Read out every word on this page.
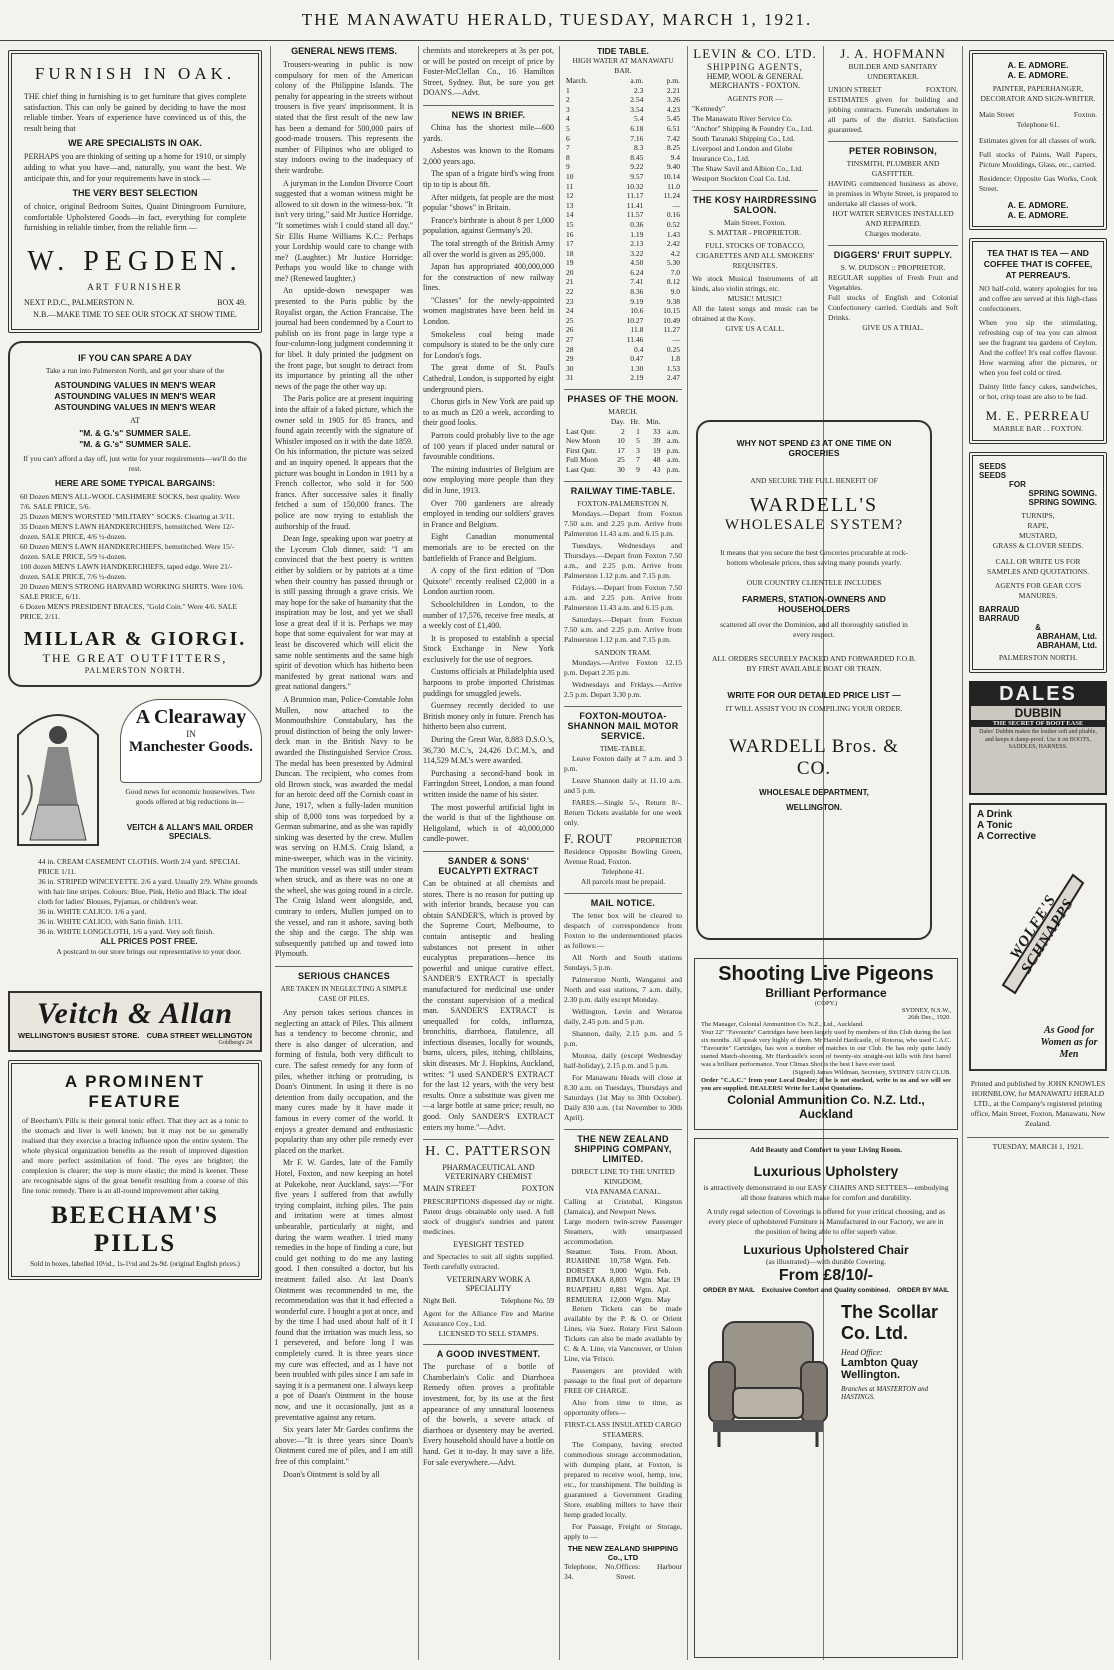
THE MANAWATU HERALD, TUESDAY, MARCH 1, 1921.
FURNISH IN OAK.
THE chief thing in furnishing is to get furniture that gives complete satisfaction. This can only be gained by deciding to have the most reliable timber. Years of experience have convinced us of this, the result being that
WE ARE SPECIALISTS IN OAK.
PERHAPS you are thinking of setting up a home for 1910, or simply adding to what you have—and, naturally, you want the best. We anticipate this, and for your requirements have in stock —
THE VERY BEST SELECTION
of choice, original Bedroom Suites, Quaint Diningroom Furniture, comfortable Upholstered Goods—in fact, everything for complete furnishing in reliable timber, from the reliable firm —
W. PEGDEN.
ART FURNISHER
NEXT P.D.C., PALMERSTON N.	BOX 49.
N.B.—MAKE TIME TO SEE OUR STOCK AT SHOW TIME.
IF YOU CAN SPARE A DAY
Take a run into Palmerston North, and get your share of the
ASTOUNDING VALUES IN MEN'S WEAR
ASTOUNDING VALUES IN MEN'S WEAR
ASTOUNDING VALUES IN MEN'S WEAR
AT
"M. & G.'s" SUMMER SALE.
"M. & G.'s" SUMMER SALE.
If you can't afford a day off, just write for your requirements—we'll do the rest.
HERE ARE SOME TYPICAL BARGAINS:
60 Dozen MEN'S ALL-WOOL CASHMERE SOCKS, best quality. Were 7/6. SALE PRICE, 5/6.
25 Dozen MEN'S WORSTED "MILITARY" SOCKS. Clearing at 3/11.
35 Dozen MEN'S LAWN HANDKERCHIEFS, hemstitched. Were 12/- dozen. SALE PRICE, 4/6 ½-dozen.
60 Dozen MEN'S LAWN HANDKERCHIEFS, hemstitched. Were 15/- dozen. SALE PRICE, 5/9 ½-dozen.
100 dozen MEN'S LAWN HANDKERCHIEFS, taped edge. Were 21/- dozen. SALE PRICE, 7/6 ½-dozen.
20 Dozen MEN'S STRONG HARVARD WORKING SHIRTS. Were 10/6. SALE PRICE, 6/11.
6 Dozen MEN'S PRESIDENT BRACES, "Gold Coin." Were 4/6. SALE PRICE, 2/11.
MILLAR & GIORGI.
THE GREAT OUTFITTERS,
PALMERSTON NORTH.
A Clearaway
IN
Manchester Goods.
Good news for economic housewives. Two goods offered at big reductions in—
VEITCH & ALLAN'S MAIL ORDER SPECIALS.
44 in. CREAM CASEMENT CLOTHS. Worth 2/4 yard. SPECIAL PRICE 1/11.
36 in. STRIPED WINCEYETTE. 2/6 a yard. Usually 2/9. White grounds with hair line stripes. Colours: Blue, Pink, Helio and Black. The ideal cloth for ladies' Blouses, Pyjamas, or children's wear.
36 in. WHITE CALICO. 1/6 a yard.
36 in. WHITE CALICO, with Satin finish. 1/11.
36 in. WHITE LONGCLOTH, 1/6 a yard. Very soft finish.
ALL PRICES POST FREE.
A postcard to our store brings our representative to your door.
Veitch & Allan
WELLINGTON'S BUSIEST STORE. CUBA STREET WELLINGTON
Goldberg's 24
A PROMINENT FEATURE
of Beecham's Pills is their general tonic effect. That they act as a tonic to the stomach and liver is well known; but it may not be so generally realised that they exercise a bracing influence upon the entire system. The whole physical organization benefits as the result of improved digestion and more perfect assimilation of food. The eyes are brighter; the complexion is clearer; the step is more elastic; the mind is keener. These are recognisable signs of the great benefit resulting from a course of this fine tonic remedy. There is an all-round improvement after taking
BEECHAM'S PILLS
Sold in boxes, labelled 10½d., 1s-1½d and 2s-9d. (original English prices.)
GENERAL NEWS ITEMS.

Trousers-wearing in public is now compulsory for men of the American colony of the Philippine Islands. The penalty for appearing in the streets without trousers is five years' imprisonment. It is stated that the first result of the new law has been a demand for 500,000 pairs of good-made trousers. This represents the number of Filipinos who are obliged to stay indoors owing to the inadequacy of their wardrobe.

A juryman in the London Divorce Court suggested that a woman witness might be allowed to sit down in the witness-box. "It isn't very tiring," said Mr Justice Horridge. "It sometimes wish I could stand all day." Sir Ellis Hume Williams K.C.: Perhaps your Lordship would care to change with me? (Laughter.) Mr Justice Horridge: Perhaps you would like to change with me? (Renewed laughter.)

An upside-down newspaper was presented to the Paris public by the Royalist organ, the Action Francaise. The journal had been condemned by a Court to publish on its front page in large type a four-column-long judgment condemning it for libel. It duly printed the judgment on the front page, but sought to detract from its importance by printing all the other news of the page the other way up.

The Paris police are at present inquiring into the affair of a faked picture, which the owner sold in 1905 for 85 francs, and found again recently with the signature of Whistler imposed on it with the date 1859. On his information, the picture was seized and an inquiry opened. It appears that the picture was bought in London in 1911 by a French collector, who sold it for 500 francs. After successive sales it finally fetched a sum of 150,000 francs. The police are now trying to establish the authorship of the fraud.

Dean Inge, speaking upon war poetry at the Lyceum Club dinner, said: "I am convinced that the best poetry is written either by soldiers or by patriots at a time when their country has passed through or is still passing through a grave crisis. We may hope for the sake of humanity that the inspiration may be lost, and yet we shall lose a great deal if it is. Perhaps we may hope that some equivalent for war may at least be discovered which will elicit the same noble sentiments and the same high spirit of devotion which has hitherto been manifested by great national wars and great national dangers."

A Brunnion man, Police-Constable John Mullen, now attached to the Monmouthshire Constabulary, has the proud distinction of being the only lower-deck man in the British Navy to be awarded the Distinguished Service Cross. The medal has been presented by Admiral Duncan. The recipient, who comes from old Brown stock, was awarded the medal for an heroic deed off the Cornish coast in June, 1917, when a fully-laden munition ship of 8,000 tons was torpedoed by a German submarine, and as she was rapidly sinking was deserted by the crew. Mullen was serving on H.M.S. Craig Island, a mine-sweeper, which was in the vicinity. The munition vessel was still under steam when struck, and as there was no one at the wheel, she was going round in a circle. The Craig Island went alongside, and, contrary to orders, Mullen jumped on to the vessel, and ran it ashore, saving both the ship and the cargo. The ship was subsequently patched up and towed into Plymouth.

SERIOUS CHANCES
ARE TAKEN IN NEGLECTING A SIMPLE CASE OF PILES.

Any person takes serious chances in neglecting an attack of Piles. This ailment has a tendency to become chronic, and there is also danger of ulceration, and forming of fistula, both very difficult to cure. The safest remedy for any form of piles, whether itching or protruding, is Doan's Ointment. In using it there is no detention from daily occupation, and the many cures made by it have made it famous in every corner of the world. It enjoys a greater demand and enthusiastic popularity than any other pile remedy ever placed on the market.

Mr F. W. Gardes, late of the Family Hotel, Foxton, and now keeping an hotel at Pukekohe, near Auckland, says:—"For five years I suffered from that awfully trying complaint, itching piles. The pain and irritation were at times almost unbearable, particularly at night, and during the warm weather. I tried many remedies in the hope of finding a cure, but could get nothing to do me any lasting good. I then consulted a doctor, but his treatment failed also. At last Doan's Ointment was recommended to me, the recommendation was that it had effected a wonderful cure. I bought a pot at once, and by the time I had used about half of it I found that the irritation was much less, so I persevered, and before long I was completely cured. It is three years since my cure was effected, and as I have not been troubled with piles since I am safe in saying it is a permanent one. I always keep a pot of Doan's Ointment in the house now, and use it occasionally, just as a preventative against any return.

Six years later Mr Gardes confirms the above:—"It is three years since Doan's Ointment cured me of piles, and I am still free of this complaint."

Doan's Ointment is sold by all

chemists and storekeepers at 3s per pot, or will be posted on receipt of price by Foster-McClellan Co., 16 Hamilton Street, Sydney. But, be sure you get DOAN'S.—Advt.
NEWS IN BRIEF.

China has the shortest mile—600 yards.

Asbestos was known to the Romans 2,000 years ago.

The span of a frigate bird's wing from tip to tip is about 8ft.

After midgets, fat people are the most popular "shows" in Britain.

France's birthrate is about 8 per 1,000 population, against Germany's 20.

The total strength of the British Army all over the world is given as 295,000.

Japan has appropriated 400,000,000 for the construction of new railway lines.

"Classes" for the newly-appointed women magistrates have been held in London.

Smokeless coal being made compulsory is stated to be the only cure for London's fogs.

The great dome of St. Paul's Cathedral, London, is supported by eight underground piers.

Chorus girls in New York are paid up to as much as £20 a week, according to their good looks.

Parrots could probably live to the age of 100 years if placed under natural or favourable conditions.

The mining industries of Belgium are now employing more people than they did in June, 1913.

Over 700 gardeners are already employed in tending our soldiers' graves in France and Belgium.

Eight Canadian monumental memorials are to be erected on the battlefields of France and Belgium.

A copy of the first edition of "Don Quixote" recently realised £2,000 in a London auction room.

Schoolchildren in London, to the number of 17,576, receive free meals, at a weekly cost of £1,400.

It is proposed to establish a special Stock Exchange in New York exclusively for the use of negroes.

Customs officials at Philadelphia used harpoons to probe imported Christmas puddings for smuggled jewels.

Guernsey recently decided to use British money only in future. French has hitherto been also current.

During the Great War, 8,883 D.S.O.'s, 36,730 M.C.'s, 24,426 D.C.M.'s, and 114,529 M.M.'s were awarded.

Purchasing a second-hand book in Farringdon Street, London, a man found written inside the name of his sister.

The most powerful artificial light in the world is that of the lighthouse on Heligoland, which is of 40,000,000 candle-power.

SANDER & SONS' EUCALYPTI EXTRACT
Can be obtained at all chemists and stores. There is no reason for putting up with inferior brands, because you can obtain SANDER'S, which is proved by the Supreme Court, Melbourne, to contain antiseptic and healing substances not present in other eucalyptus preparations—hence its powerful and unique curative effect. SANDER'S EXTRACT is specially manufactured for medicinal use under the constant supervision of a medical man. SANDER'S EXTRACT is unequalled for colds, influenza, bronchitis, diarrhoea, flatulence, all infectious diseases, locally for wounds, burns, ulcers, piles, itching, chilblains, skin diseases. Mr J. Hopkins, Auckland, writes: "I used SANDER'S EXTRACT for the last 12 years, with the very best results. Once a substitute was given me—a large bottle at same price; result, no good. Only SANDER'S EXTRACT enters my home."—Advt.
H. C. PATTERSON
PHARMACEUTICAL AND VETERINARY CHEMIST
MAIN STREET	FOXTON
PRESCRIPTIONS dispensed day or night. Patent drugs obtainable only used. A full stock of druggist's sundries and patent medicines.
EYESIGHT TESTED
and Spectacles to suit all sights supplied. Teeth carefully extracted.
VETERINARY WORK A SPECIALITY
Night Bell.	Telephone No. 59
Agent for the Alliance Fire and Marine Assurance Coy., Ltd.
LICENSED TO SELL STAMPS.
A GOOD INVESTMENT.
The purchase of a bottle of Chamberlain's Colic and Diarrhoea Remedy often proves a profitable investment, for, by its use at the first appearance of any unnatural looseness of the bowels, a severe attack of diarrhoea or dysentery may be averted. Every household should have a bottle on hand. Get it to-day. It may save a life. For sale everywhere.—Advt.
TIDE TABLE.
HIGH WATER AT MANAWATU BAR.
March.	a.m.	p.m.
1	2.3	2.21
2	2.54	3.26
3	3.54	4.23
4	5.4	5.45
5	6.18	6.51
6	7.16	7.42
7	8.3	8.25
8	8.45	9.4
9	9.22	9.40
10	9.57	10.14
11	10.32	11.0
12	11.17	11.24
13	11.41	—
14	11.57	0.16
15	0.36	0.52
16	1.19	1.43
17	2.13	2.42
18	3.22	4.2
19	4.50	5.30
20	6.24	7.0
21	7.41	8.12
22	8.36	9.0
23	9.19	9.38
24	10.6	10.15
25	10.27	10.49
26	11.8	11.27
27	11.46	—
28	0.4	0.25
29	0.47	1.8
30	1.30	1.53
31	2.19	2.47
PHASES OF THE MOON.
MARCH.
	Day.	Hr.	Min.	
Last Qutr.	2	1	33	a.m.
New Moon	10	5	39	a.m.
First Qutr.	17	3	19	p.m.
Full Moon	25	7	48	a.m.
Last Qutr.	30	9	43	p.m.
RAILWAY TIME-TABLE.
FOXTON-PALMERSTON N.

Mondays.—Depart from Foxton 7.50 a.m. and 2.25 p.m. Arrive from Palmerston 11.43 a.m. and 6.15 p.m.

Tuesdays, Wednesdays and Thursdays.—Depart from Foxton 7.50 a.m., and 2.25 p.m. Arrive from Palmerston 1.12 p.m. and 7.15 p.m.

Fridays.—Depart from Foxton 7.50 a.m. and 2.25 p.m. Arrive from Palmerston 11.43 a.m. and 6.15 p.m.

Saturdays.—Depart from Foxton 7.50 a.m. and 2.25 p.m. Arrive from Palmerston 1.12 p.m. and 7.15 p.m.

SANDON TRAM.

Mondays.—Arrive Foxton 12.15 p.m. Depart 2.35 p.m.

Wednesdays and Fridays.—Arrive 2.5 p.m. Depart 3.30 p.m.

FOXTON-MOUTOA-SHANNON MAIL MOTOR SERVICE.
TIME-TABLE.

Leave Foxton daily at 7 a.m. and 3 p.m.

Leave Shannon daily at 11.10 a.m. and 5 p.m.

FARES.—Single 5/-, Return 8/-. Return Tickets available for one week only.

F. ROUT	PROPRIETOR
Residence Opposite Bowling Green, Avenue Road, Foxton.
Telephone 41.
All parcels must be prepaid.
MAIL NOTICE.

The letter box will be cleared to despatch of correspondence from Foxton to the undermentioned places as follows:—

All North and South stations Sundays, 5 p.m.

Palmerston North, Wanganui and North and east stations, 7 a.m. daily, 2.30 p.m. daily except Monday.

Wellington, Levin and Weraroa daily, 2.45 p.m. and 5 p.m.

Shannon, daily, 2.15 p.m. and 5 p.m.

Moutoa, daily (except Wednesday half-holiday), 2.15 p.m. and 5 p.m.

For Manawatu Heads will close at 8.30 a.m. on Tuesdays, Thursdays and Saturdays (1st May to 30th October). Daily 830 a.m. (1st November to 30th April).

THE NEW ZEALAND SHIPPING COMPANY, LIMITED.
DIRECT LINE TO THE UNITED KINGDOM,
VIA PANAMA CANAL.
Calling at Cristobal, Kingston (Jamaica), and Newport News.
Large modern twin-screw Passenger Steamers, with unsurpassed accommodation.
Steamer.	Tons.	From.	About.
RUAHINE	10,758	Wgtn.	Feb.
DORSET	9,000	Wgtn.	Feb.
RIMUTAKA	8,803	Wgtn.	Mar. 19
RUAPEHU	8,881	Wgtn.	Apl.
REMUERA	12,000	Wgtn.	May

Return Tickets can be made available by the P. & O. or Orient Lines, via Suez. Rotary First Saloon Tickets can also be made available by C. & A. Line, via Vancouver, or Union Line, via 'Frisco.

Passengers are provided with passage to the final port of departure FREE OF CHARGE.

Also from time to time, as opportunity offers—

FIRST-CLASS INSULATED CARGO STEAMERS.

The Company, having erected commodious storage accommodation, with dumping plant, at Foxton, is prepared to receive wool, hemp, tow, etc., for transhipment. The building is guaranteed a Government Grading Store, enabling millers to have their hemp graded locally.

For Passage, Freight or Storage, apply to —

THE NEW ZEALAND SHIPPING Co., LTD
Telephone, No. 34.
Offices: Harbour Street.
LEVIN & CO. LTD.
SHIPPING AGENTS,
HEMP, WOOL & GENERAL MERCHANTS - FOXTON.
AGENTS FOR —
"Kennedy"
The Manawatu River Service Co.
"Anchor" Shipping & Foundry Co., Ltd.
South Taranaki Shipping Co., Ltd.
Liverpool and London and Globe Insurance Co., Ltd.
The Shaw Savil and Albion Co., Ltd.
Westport Stockton Coal Co. Ltd.
THE KOSY HAIRDRESSING SALOON.
Main Street, Foxton.
S. MATTAR - PROPRIETOR.
FULL STOCKS OF TOBACCO, CIGARETTES AND ALL SMOKERS' REQUISITES.
We stock Musical Instruments of all kinds, also violin strings, etc.
MUSIC! MUSIC!
All the latest songs and music can be obtained at the Kosy.
GIVE US A CALL.
J. A. HOFMANN
BUILDER AND SANITARY UNDERTAKER.
UNION STREET	FOXTON.
ESTIMATES given for building and jobbing contracts. Funerals undertaken in all parts of the district. Satisfaction guaranteed.
PETER ROBINSON,
TINSMITH, PLUMBER AND GASFITTER.
HAVING commenced business as above, in premises in Whyte Street, is prepared to undertake all classes of work.
HOT WATER SERVICES INSTALLED AND REPAIRED.
Charges moderate.
DIGGERS' FRUIT SUPPLY.
S. W. DUDSON :: PROPRIETOR.
REGULAR supplies of Fresh Fruit and Vegetables.
Full stocks of English and Colonial Confectionery carried. Cordials and Soft Drinks.
GIVE US A TRIAL.
WHY NOT SPEND £3 AT ONE TIME ON GROCERIES
AND SECURE THE FULL BENEFIT OF
WARDELL'S
WHOLESALE SYSTEM?
It means that you secure the best Groceries procurable at rock-bottom wholesale prices, thus saving many pounds yearly.
OUR COUNTRY CLIENTELE INCLUDES
FARMERS, STATION-OWNERS AND HOUSEHOLDERS
scattered all over the Dominion, and all thoroughly satisfied in every respect.
ALL ORDERS SECURELY PACKED AND FORWARDED F.O.B. BY FIRST AVAILABLE BOAT OR TRAIN.
WRITE FOR OUR DETAILED PRICE LIST —
IT WILL ASSIST YOU IN COMPILING YOUR ORDER.
WARDELL Bros. & CO.
WHOLESALE DEPARTMENT,
WELLINGTON.
Shooting Live Pigeons
Brilliant Performance
(COPY.)
SYDNEY, N.S.W.,
26th Dec., 1920.
The Manager, Colonial Ammunition Co. N.Z., Ltd., Auckland.
Your 22" "Favourite" Cartridges have been largely used by members of this Club during the last six months. All speak very highly of them. Mr Harold Hardcastle, of Rotorua, who used C.A.C. "Favourite" Cartridges, has won a number of matches in our Club. He has only quite lately started Match-shooting. Mr Hardcastle's score of twenty-six straight-out kills with first barrel was a brilliant performance. Your Climax Shot is the best I have ever used.
(Signed) James Wildman, Secretary, SYDNEY GUN CLUB.
Order "C.A.C." from your Local Dealer; if he is not stocked, write to us and we will see you are supplied. DEALERS! Write for Latest Quotations.
Colonial Ammunition Co. N.Z. Ltd., Auckland
Add Beauty and Comfort to your Living Room.
Luxurious Upholstery
is attractively demonstrated in our EASY CHAIRS AND SETTEES—embodying all those features which make for comfort and durability.
A truly regal selection of Coverings is offered for your critical choosing, and as every piece of upholstered Furniture is Manufactured in our Factory, we are in the position of being able to offer superb value.
Luxurious Upholstered Chair
(as illustrated)—with durable Covering.
From £8/10/-
ORDER BY MAIL Exclusive Comfort and Quality combined. ORDER BY MAIL
The Scollar
Co. Ltd.
Head Office:
Lambton Quay
Wellington.
Branches at MASTERTON and HASTINGS.
A. E. ADMORE.
A. E. ADMORE.
PAINTER, PAPERHANGER, DECORATOR AND SIGN-WRITER.
Main Street	Foxton.
Telephone 61.
Estimates given for all classes of work.
Full stocks of Paints, Wall Papers, Picture Mouldings, Glass, etc., carried.
Residence: Opposite Gas Works, Cook Street.
A. E. ADMORE.
A. E. ADMORE.
TEA THAT IS TEA — AND COFFEE THAT IS COFFEE,
AT PERREAU'S.
NO half-cold, watery apologies for tea and coffee are served at this high-class confectioners.
When you sip the stimulating, refreshing cup of tea you can almost see the fragrant tea gardens of Ceylon. And the coffee! It's real coffee flavour. How warming after the pictures, or when you feel cold or tired.
Dainty little fancy cakes, sandwiches, or hot, crisp toast are also to be had.
M. E. PERREAU
MARBLE BAR . . FOXTON.
SEEDS
SEEDS
FOR
SPRING SOWING.
SPRING SOWING.
TURNIPS,
RAPE,
MUSTARD,
GRASS & CLOVER SEEDS.
CALL OR WRITE US FOR SAMPLES AND QUOTATIONS.
AGENTS FOR GEAR CO'S MANURES.
BARRAUD
BARRAUD
&
ABRAHAM, Ltd.
ABRAHAM, Ltd.
PALMERSTON NORTH.
DALES
DUBBIN
THE SECRET OF BOOT EASE
Dales' Dubbin makes the leather soft and pliable, and keeps it damp-proof. Use it on BOOTS, SADDLES, HARNESS.
A Drink
A Tonic
A Corrective
WOLFE'S SCHNAPPS
As Good for Women as for Men
Printed and published by JOHN KNOWLES HORNBLOW, for MANAWATU HERALD LTD., at the Company's registered printing office, Main Street, Foxton, Manawatu, New Zealand.
TUESDAY, MARCH 1, 1921.
